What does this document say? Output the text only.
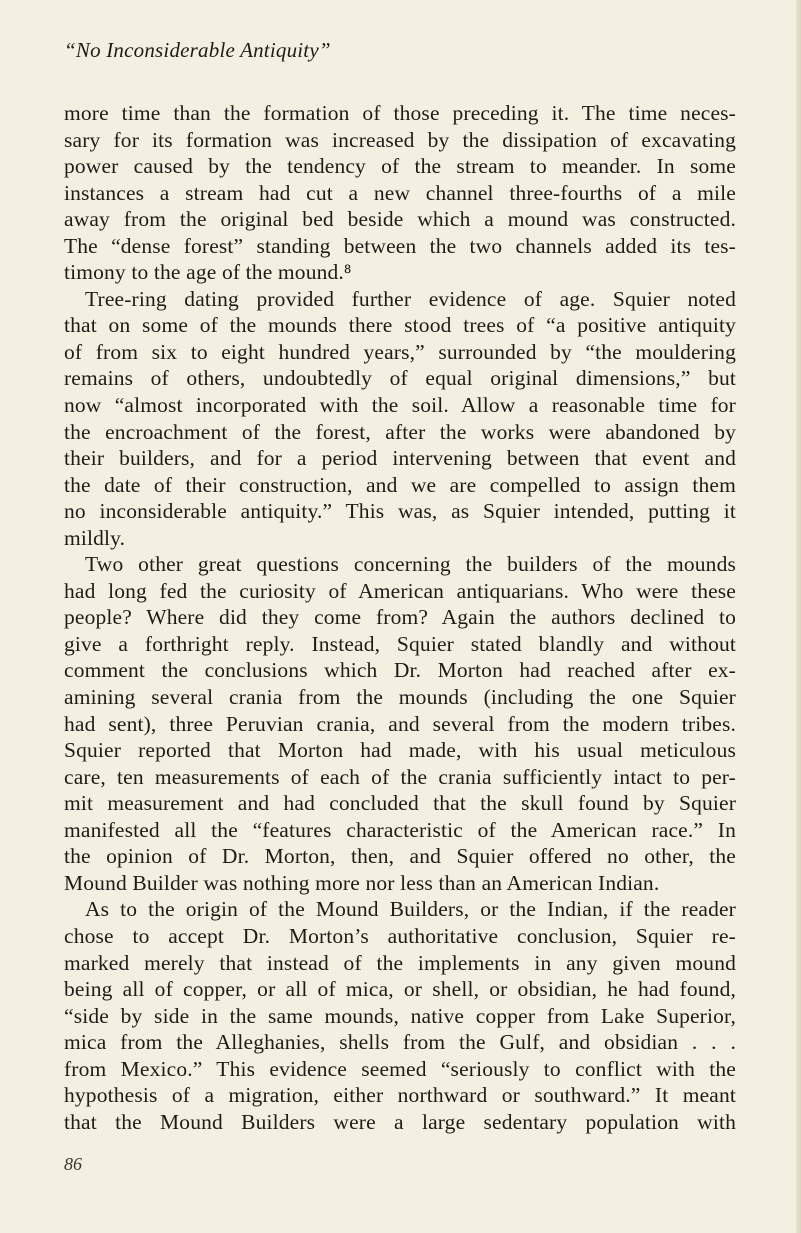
“No Inconsiderable Antiquity”
more time than the formation of those preceding it. The time neces-
sary for its formation was increased by the dissipation of excavating
power caused by the tendency of the stream to meander. In some
instances a stream had cut a new channel three-fourths of a mile
away from the original bed beside which a mound was constructed.
The “dense forest” standing between the two channels added its tes-
timony to the age of the mound.⁸
Tree-ring dating provided further evidence of age. Squier noted
that on some of the mounds there stood trees of “a positive antiquity
of from six to eight hundred years,” surrounded by “the mouldering
remains of others, undoubtedly of equal original dimensions,” but
now “almost incorporated with the soil. Allow a reasonable time for
the encroachment of the forest, after the works were abandoned by
their builders, and for a period intervening between that event and
the date of their construction, and we are compelled to assign them
no inconsiderable antiquity.” This was, as Squier intended, putting it
mildly.
Two other great questions concerning the builders of the mounds
had long fed the curiosity of American antiquarians. Who were these
people? Where did they come from? Again the authors declined to
give a forthright reply. Instead, Squier stated blandly and without
comment the conclusions which Dr. Morton had reached after ex-
amining several crania from the mounds (including the one Squier
had sent), three Peruvian crania, and several from the modern tribes.
Squier reported that Morton had made, with his usual meticulous
care, ten measurements of each of the crania sufficiently intact to per-
mit measurement and had concluded that the skull found by Squier
manifested all the “features characteristic of the American race.” In
the opinion of Dr. Morton, then, and Squier offered no other, the
Mound Builder was nothing more nor less than an American Indian.
As to the origin of the Mound Builders, or the Indian, if the reader
chose to accept Dr. Morton’s authoritative conclusion, Squier re-
marked merely that instead of the implements in any given mound
being all of copper, or all of mica, or shell, or obsidian, he had found,
“side by side in the same mounds, native copper from Lake Superior,
mica from the Alleghanies, shells from the Gulf, and obsidian . . .
from Mexico.” This evidence seemed “seriously to conflict with the
hypothesis of a migration, either northward or southward.” It meant
that the Mound Builders were a large sedentary population with
86
